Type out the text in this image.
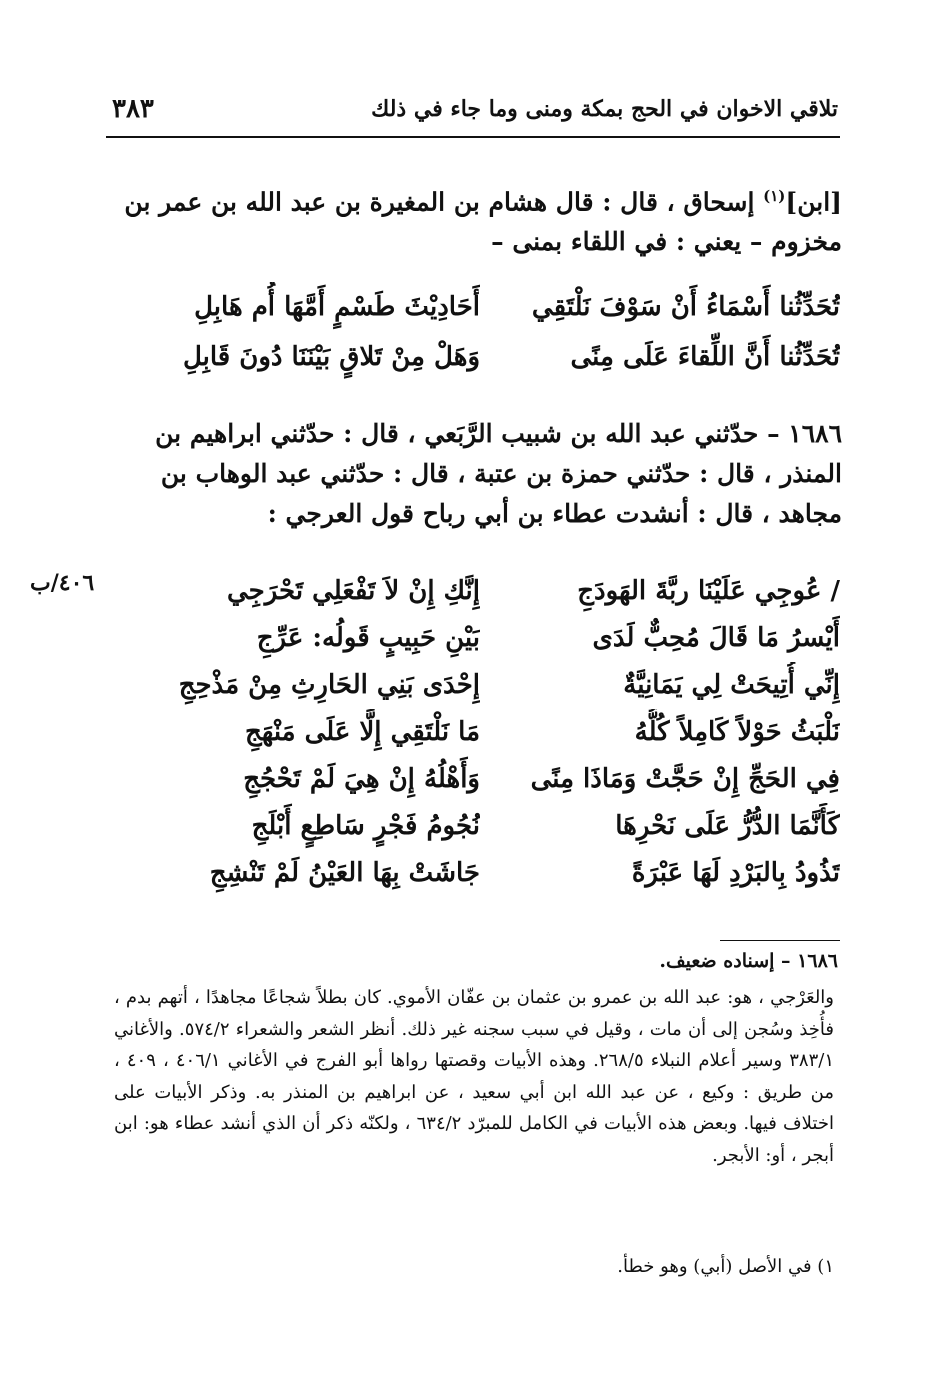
تلاقي الاخوان في الحج بمكة ومنى وما جاء في ذلك
٣٨٣
[ابن]$^{(١)}$ إسحاق ، قال : قال هشام بن المغيرة بن عبد الله بن عمر بن مخزوم – يعني : في اللقاء بمنى –
تُحَدِّثُنا أَسْمَاءُ أَنْ سَوْفَ نَلْتَقِي
أَحَادِيْثَ طَسْمٍ أَمَّهَا أُم هَابِلِ
تُحَدِّثُنا أَنَّ اللِّقاءَ عَلَى مِنًى
وَهَلْ مِنْ تَلاقٍ بَيْنَنَا دُونَ قَابِلِ
١٦٨٦ – حدّثني عبد الله بن شبيب الرَّبَعي ، قال : حدّثني ابراهيم بن المنذر ، قال : حدّثني حمزة بن عتبة ، قال : حدّثني عبد الوهاب بن مجاهد ، قال : أنشدت عطاء بن أبي رباح قول العرجي :
٤٠٦/ب	/ عُوجِي عَلَيْنَا ربَّةَ الهَودَجِ
إِنَّكِ إِنْ لاَ تَفْعَلِي تَحْرَجِي
أَيْسرُ مَا قَالَ مُحِبٌّ لَدَى
بَيْنِ حَبِيبٍ قَولُه: عَرِّجِ
إِنِّي أُتِيحَتْ لِي يَمَانِيَّةٌ
إِحْدَى بَنِي الحَارِثِ مِنْ مَذْحِجِ
نَلْبَثُ حَوْلاً كَامِلاً كُلُّهُ
مَا نَلْتَقِي إِلَّا عَلَى مَنْهَجِ
فِي الحَجِّ إِنْ حَجَّتْ وَمَاذَا مِنًى
وَأَهْلُهُ إِنْ هِيَ لَمْ تَحْجُجِ
كَأَنَّمَا الدُّرُّ عَلَى نَحْرِهَا
نُجُومُ فَجْرٍ سَاطِعٍ أَبْلَجِ
تَذُودُ بِالبَرْدِ لَهَا عَبْرَةً
جَاشَتْ بِهَا العَيْنُ لَمْ تَنْشِجِ
١٦٨٦ – إسناده ضعيف.
والعَرْجي ، هو: عبد الله بن عمرو بن عثمان بن عفّان الأموي. كان بطلاً شجاعًا مجاهدًا ، أتهم بدم ، فأُخِذ وسُجن إلى أن مات ، وقيل في سبب سجنه غير ذلك. أنظر الشعر والشعراء ٥٧٤/٢. والأغاني ٣٨٣/١ وسير أعلام النبلاء ٢٦٨/٥. وهذه الأبيات وقصتها رواها أبو الفرج في الأغاني ٤٠٦/١ ، ٤٠٩ ، من طريق : وكيع ، عن عبد الله ابن أبي سعيد ، عن ابراهيم بن المنذر به. وذكر الأبيات على اختلاف فيها. وبعض هذه الأبيات في الكامل للمبرّد ٦٣٤/٢ ، ولكنّه ذكر أن الذي أنشد عطاء هو: ابن أبجر ، أو: الأبجر.
١) في الأصل (أبي) وهو خطأ.
